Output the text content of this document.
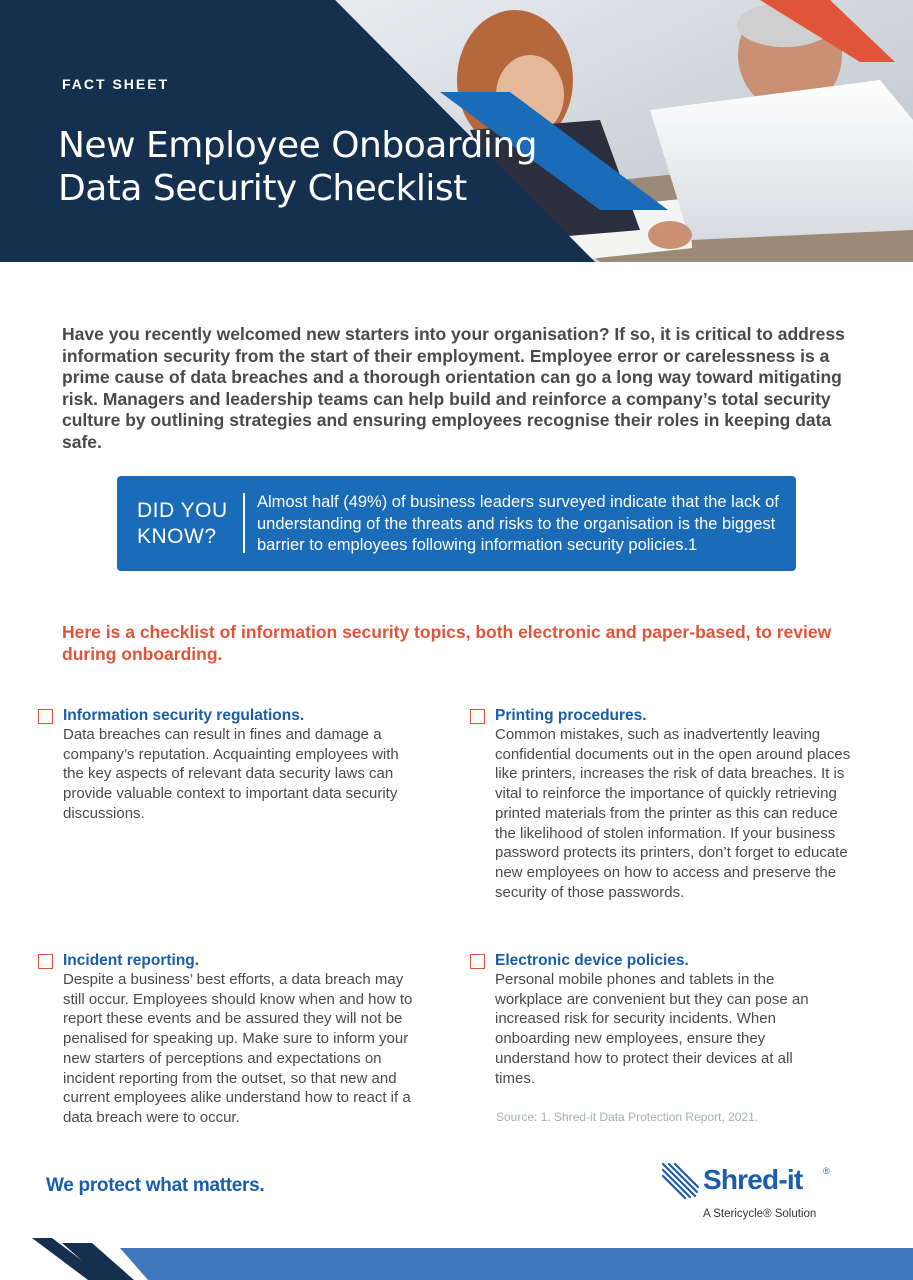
FACT SHEET
New Employee Onboarding
Data Security Checklist

Have you recently welcomed new starters into your organisation? If so, it is critical to address information security from the start of their employment. Employee error or carelessness is a prime cause of data breaches and a thorough orientation can go a long way toward mitigating risk. Managers and leadership teams can help build and reinforce a company’s total security culture by outlining strategies and ensuring employees recognise their roles in keeping data safe.

DID YOU
KNOW?

Almost half (49%) of business leaders surveyed indicate that the lack of understanding of the threats and risks to the organisation is the biggest barrier to employees following information security policies.1

Here is a checklist of information security topics, both electronic and paper-based, to review during onboarding.

Information security regulations.

Data breaches can result in fines and damage a company’s reputation. Acquainting employees with the key aspects of relevant data security laws can provide valuable context to important data security discussions.

Printing procedures.

Common mistakes, such as inadvertently leaving confidential documents out in the open around places like printers, increases the risk of data breaches. It is vital to reinforce the importance of quickly retrieving printed materials from the printer as this can reduce the likelihood of stolen information. If your business password protects its printers, don’t forget to educate new employees on how to access and preserve the security of those passwords.

Incident reporting.

Despite a business’ best efforts, a data breach may still occur. Employees should know when and how to report these events and be assured they will not be penalised for speaking up. Make sure to inform your new starters of perceptions and expectations on incident reporting from the outset, so that new and current employees alike understand how to react if a data breach were to occur.

Electronic device policies.

Personal mobile phones and tablets in the workplace are convenient but they can pose an increased risk for security incidents. When onboarding new employees, ensure they understand how to protect their devices at all times.

Source: 1. Shred-it Data Protection Report, 2021.
We protect what matters.	Shred-it ®
A Stericycle® Solution
